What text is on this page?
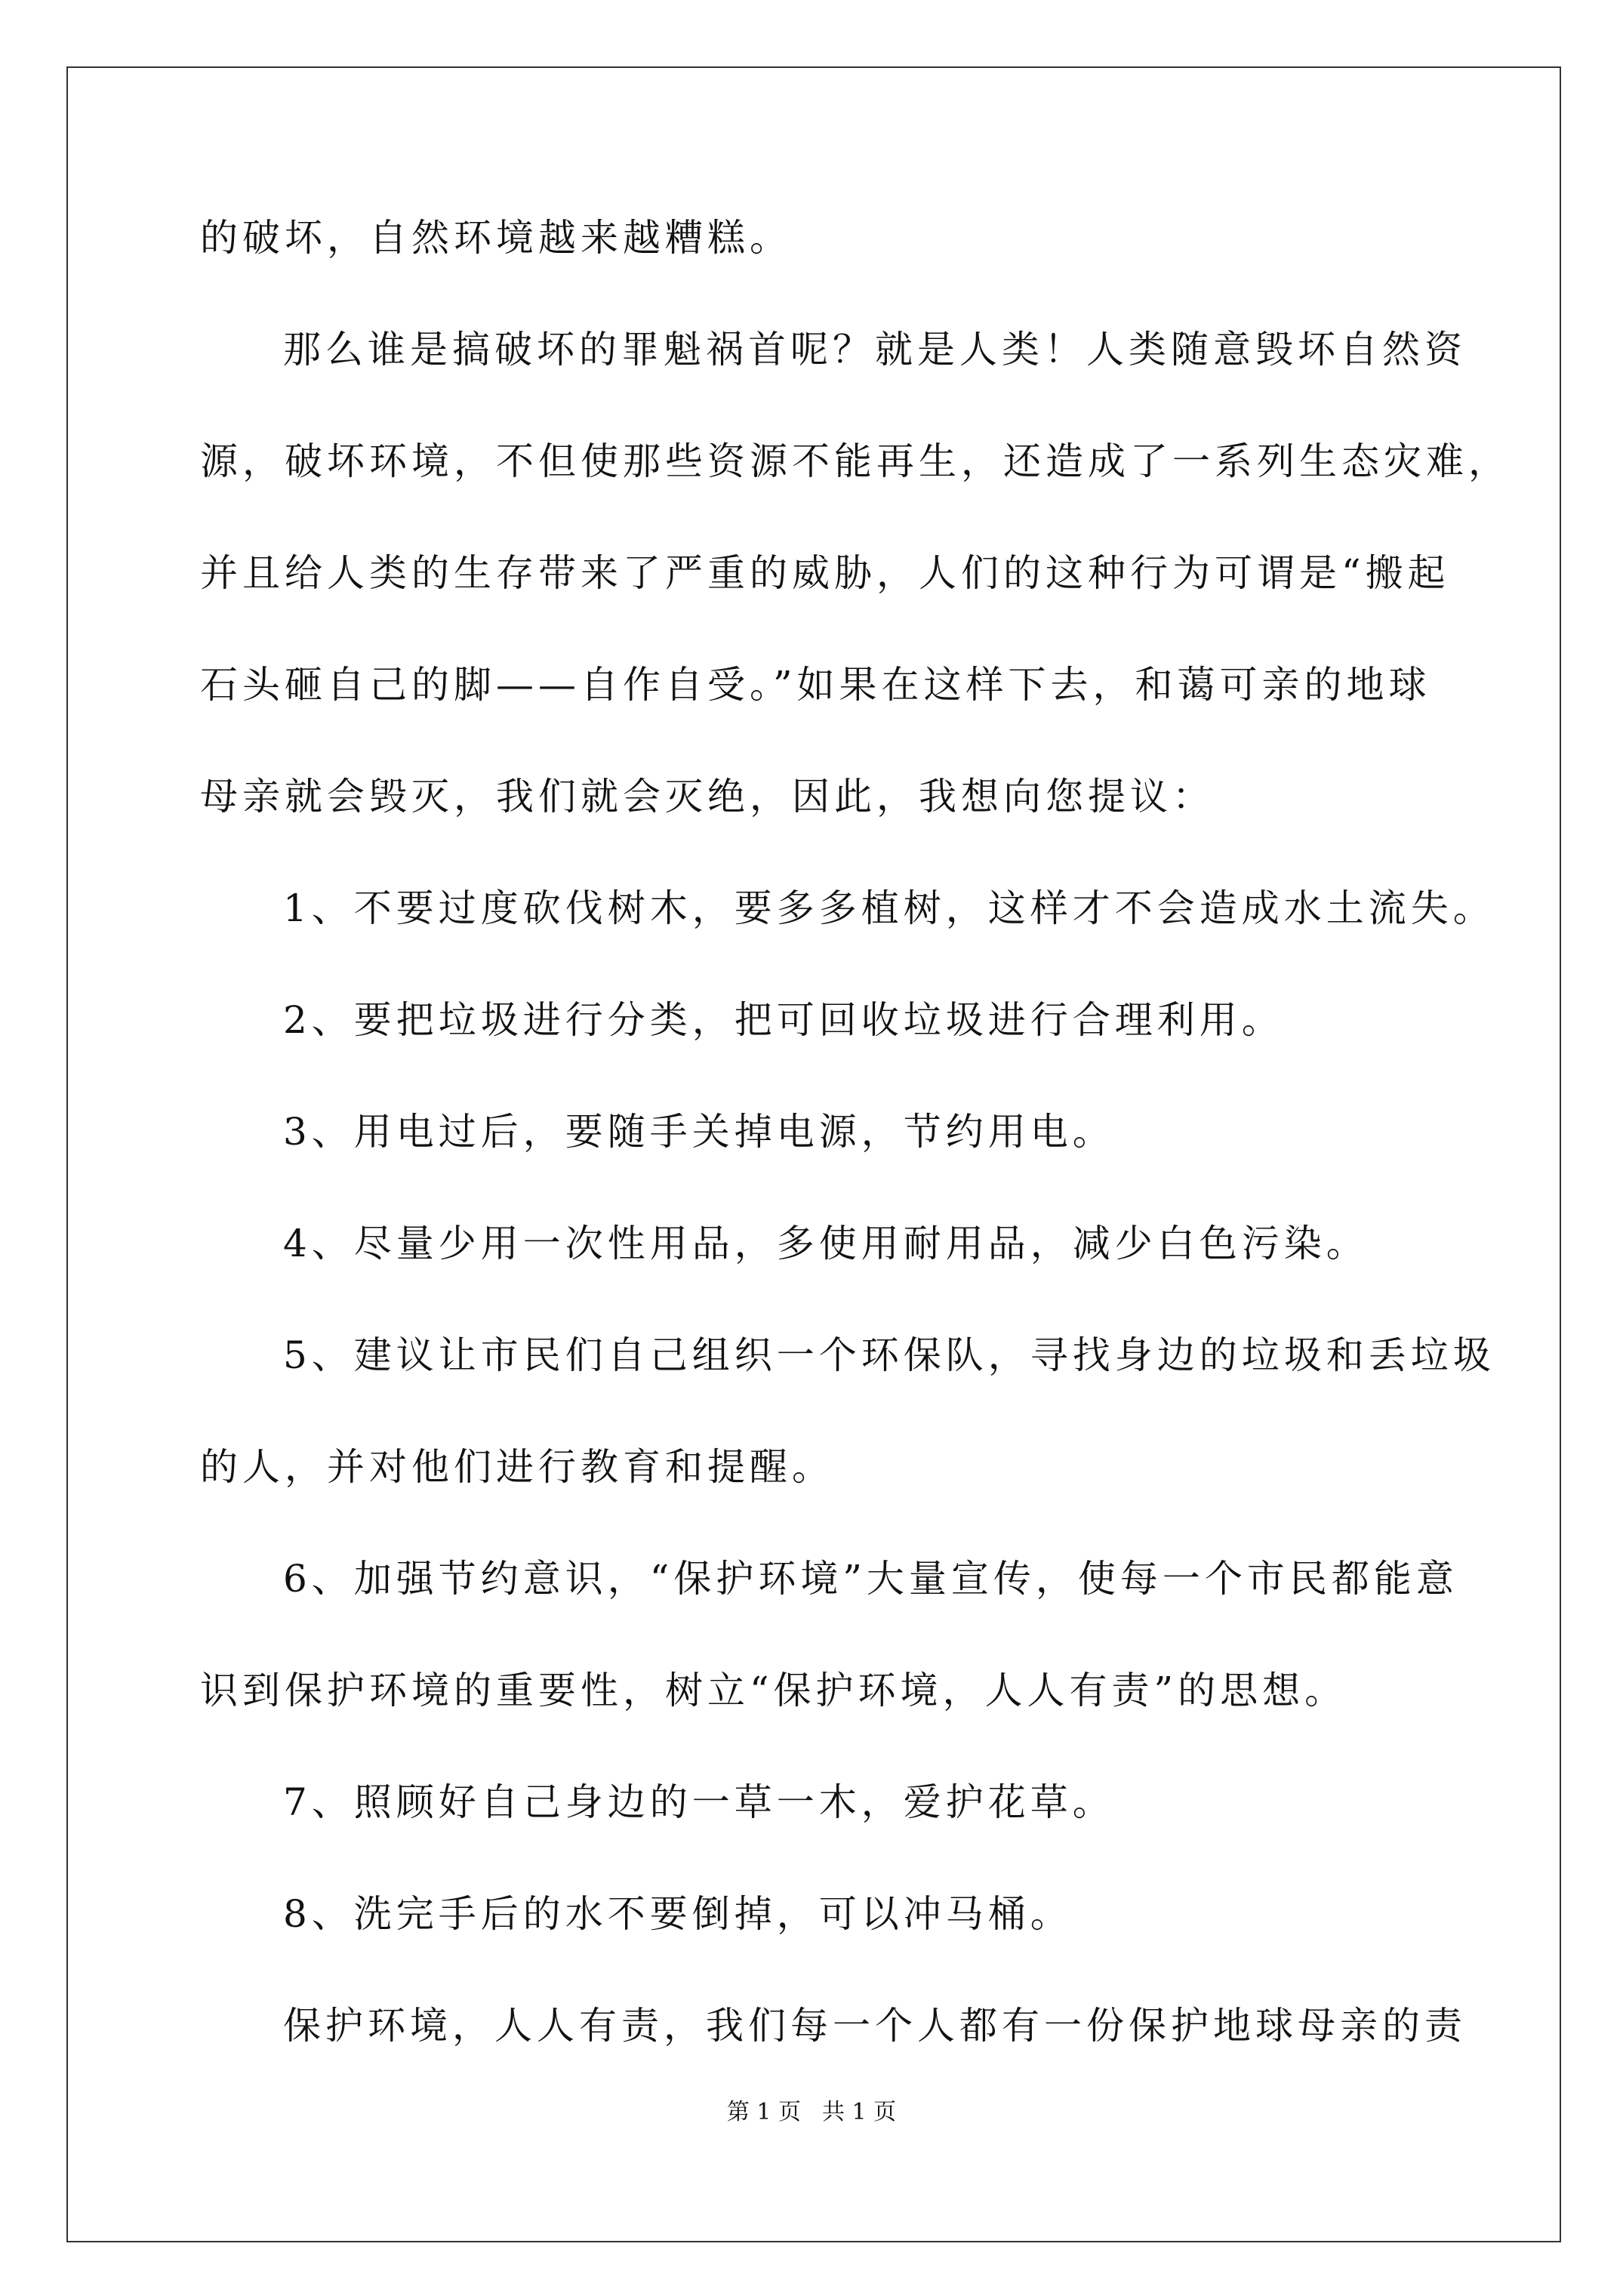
的破坏，自然环境越来越糟糕。
那么谁是搞破坏的罪魁祸首呢？就是人类！人类随意毁坏自然资
源，破坏环境，不但使那些资源不能再生，还造成了一系列生态灾难，
并且给人类的生存带来了严重的威胁，人们的这种行为可谓是“搬起
石头砸自己的脚——自作自受。”如果在这样下去，和蔼可亲的地球
母亲就会毁灭，我们就会灭绝，因此，我想向您提议：
1、不要过度砍伐树木，要多多植树，这样才不会造成水土流失。
2、要把垃圾进行分类，把可回收垃圾进行合理利用。
3、用电过后，要随手关掉电源，节约用电。
4、尽量少用一次性用品，多使用耐用品，减少白色污染。
5、建议让市民们自己组织一个环保队，寻找身边的垃圾和丢垃圾
的人，并对他们进行教育和提醒。
6、加强节约意识，“保护环境”大量宣传，使每一个市民都能意
识到保护环境的重要性，树立“保护环境，人人有责”的思想。
7、照顾好自己身边的一草一木，爱护花草。
8、洗完手后的水不要倒掉，可以冲马桶。
保护环境，人人有责，我们每一个人都有一份保护地球母亲的责
第 1 页 共 1 页
